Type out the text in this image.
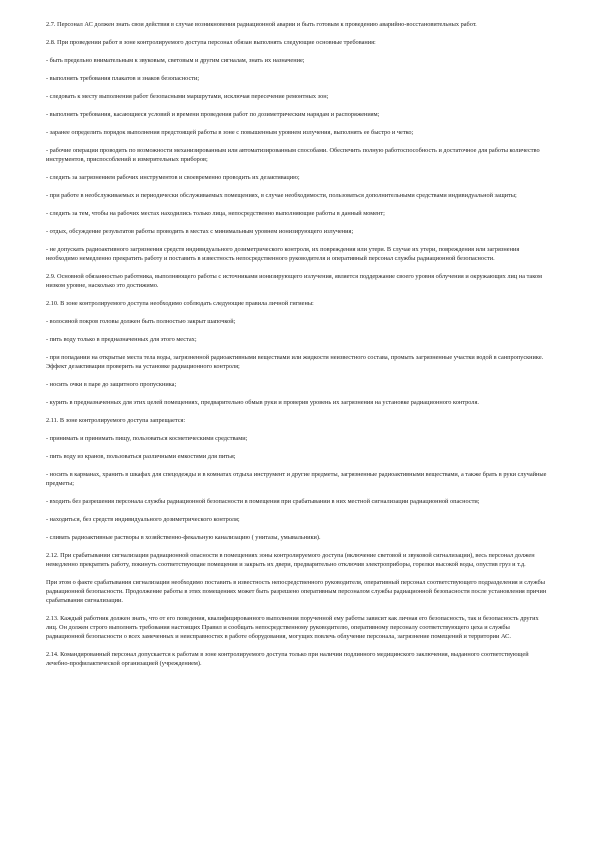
2.7. Персонал АС должен знать свои действия в случае возникновения радиационной аварии и быть готовым к проведению аварийно-восстановительных работ.

2.8. При проведении работ в зоне контролируемого доступа персонал обязан выполнять следующие основные требования:

- быть предельно внимательным к звуковым, световым и другим сигналам, знать их назначение;

- выполнять требования плакатов и знаков безопасности;

- следовать к месту выполнения работ безопасными маршрутами, исключая пересечение ремонтных зон;

- выполнять требования, касающиеся условий и времени проведения работ по дозиметрическим нарядам и распоряжениям;

- заранее определить порядок выполнения предстоящей работы в зоне с повышенным уровнем излучения, выполнять ее быстро и четко;

- рабочие операции проводить по возможности механизированным или автоматизированным способами. Обеспечить полную работоспособность и достаточное для работы количество инструментов, приспособлений и измерительных приборов;

- следить за загрязнением рабочих инструментов и своевременно проводить их дезактивацию;

- при работе в необслуживаемых и периодически обслуживаемых помещениях, в случае необходимости, пользоваться дополнительными средствами индивидуальной защиты;

- следить за тем, чтобы на рабочих местах находились только лица, непосредственно выполняющие работы в данный момент;

- отдых, обсуждение результатов работы проводить в местах с минимальным уровнем ионизирующего излучения;

- не допускать радиоактивного загрязнения средств индивидуального дозиметрического контроля, их повреждения или утери. В случае их утери, повреждения или загрязнения необходимо немедленно прекратить работу и поставить в известность непосредственного руководителя и оперативный персонал службы радиационной безопасности.

2.9. Основной обязанностью работника, выполняющего работы с источниками ионизирующего излучения, является поддержание своего уровня облучения и окружающих лиц на таком низком уровне, насколько это достижимо.

2.10. В зоне контролируемого доступа необходимо соблюдать следующие правила личной гигиены:

- волосяной покров головы должен быть полностью закрыт шапочкой;

- пить воду только в предназначенных для этого местах;

- при попадании на открытые места тела воды, загрязненной радиоактивными веществами или жидкости неизвестного состава, промыть загрязненные участки водой в санпропускнике. Эффект дезактивации проверить на установке радиационного контроля;

- носить очки в паре до защитного пропускника;

- курить в предназначенных для этих целей помещениях, предварительно обмыв руки и проверив уровень их загрязнения на установке радиационного контроля.

2.11. В зоне контролируемого доступа запрещается:

- принимать и принимать пищу, пользоваться косметическими средствами;

- пить воду из кранов, пользоваться различными емкостями для питья;

- носить в карманах, хранить в шкафах для спецодежды и в комнатах отдыха инструмент и другие предметы, загрязненные радиоактивными веществами, а также брать в руки случайные предметы;

- входить без разрешения персонала службы радиационной безопасности в помещения при срабатывании в них местной сигнализации радиационной опасности;

- находиться, без средств индивидуального дозиметрического контроля;

- сливать радиоактивные растворы в хозяйственно-фекальную канализацию ( унитазы, умывальники).

2.12. При срабатывании сигнализации радиационной опасности в помещениях зоны контролируемого доступа (включение световой и звуковой сигнализации), весь персонал должен немедленно прекратить работу, покинуть соответствующие помещения и закрыть их двери, предварительно отключив электроприборы, горелки высокой воды, опустив груз и т.д.

При этом о факте срабатывания сигнализации необходимо поставить в известность непосредственного руководителя, оперативный персонал соответствующего подразделения и службы радиационной безопасности. Продолжение работы в этих помещениях может быть разрешено оперативным персоналом службы радиационной безопасности после установления причин срабатывания сигнализации.

2.13. Каждый работник должен знать, что от его поведения, квалифицированного выполнения порученной ему работы зависит как личная его безопасность, так и безопасность других лиц. Он должен строго выполнять требования настоящих Правил и сообщать непосредственному руководителю, оперативному персоналу соответствующего цеха и службы радиационной безопасности о всех замеченных и неисправностях в работе оборудования, могущих повлечь облучение персонала, загрязнение помещений и территории АС.

2.14. Командированный персонал допускается к работам в зоне контролируемого доступа только при наличии подлинного медицинского заключения, выданного соответствующей лечебно-профилактической организацией (учреждением).
